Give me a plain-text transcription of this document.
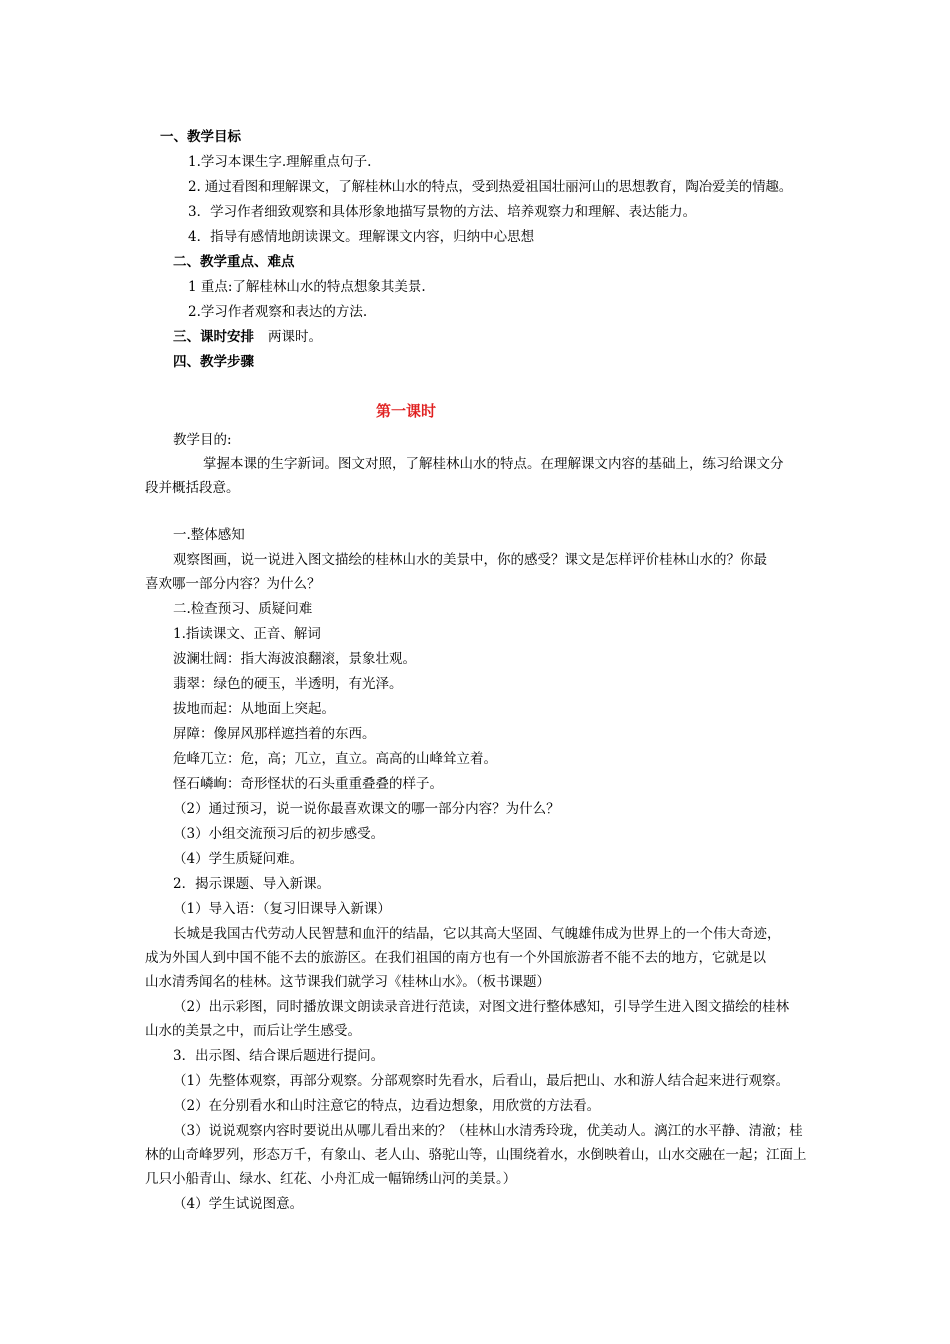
一、教学目标
1.学习本课生字.理解重点句子.
2. 通过看图和理解课文，了解桂林山水的特点，受到热爱祖国壮丽河山的思想教育，陶冶爱美的情趣。
3．学习作者细致观察和具体形象地描写景物的方法、培养观察力和理解、表达能力。
4．指导有感情地朗读课文。理解课文内容，归纳中心思想
二、教学重点、难点
1 重点:了解桂林山水的特点想象其美景.
2.学习作者观察和表达的方法.
三、课时安排 两课时。
四、教学步骤
第一课时
教学目的:
掌握本课的生字新词。图文对照，了解桂林山水的特点。在理解课文内容的基础上，练习给课文分
段并概括段意。
一.整体感知
观察图画，说一说进入图文描绘的桂林山水的美景中，你的感受？课文是怎样评价桂林山水的？你最
喜欢哪一部分内容？为什么？
二.检查预习、质疑问难
1.指读课文、正音、解词
波澜壮阔：指大海波浪翻滚，景象壮观。
翡翠：绿色的硬玉，半透明，有光泽。
拔地而起：从地面上突起。
屏障：像屏风那样遮挡着的东西。
危峰兀立：危，高；兀立，直立。高高的山峰耸立着。
怪石嶙峋：奇形怪状的石头重重叠叠的样子。
（2）通过预习，说一说你最喜欢课文的哪一部分内容？为什么？
（3）小组交流预习后的初步感受。
（4）学生质疑问难。
2．揭示课题、导入新课。
（1）导入语：（复习旧课导入新课）
长城是我国古代劳动人民智慧和血汗的结晶，它以其高大坚固、气魄雄伟成为世界上的一个伟大奇迹，
成为外国人到中国不能不去的旅游区。在我们祖国的南方也有一个外国旅游者不能不去的地方，它就是以
山水清秀闻名的桂林。这节课我们就学习《桂林山水》。（板书课题）
（2）出示彩图，同时播放课文朗读录音进行范读，对图文进行整体感知，引导学生进入图文描绘的桂林
山水的美景之中，而后让学生感受。
3．出示图、结合课后题进行提问。
（1）先整体观察，再部分观察。分部观察时先看水，后看山，最后把山、水和游人结合起来进行观察。
（2）在分别看水和山时注意它的特点，边看边想象，用欣赏的方法看。
（3）说说观察内容时要说出从哪儿看出来的？（桂林山水清秀玲珑，优美动人。漓江的水平静、清澈；桂
林的山奇峰罗列，形态万千，有象山、老人山、骆驼山等，山围绕着水，水倒映着山，山水交融在一起；江面上
几只小船青山、绿水、红花、小舟汇成一幅锦绣山河的美景。）
（4）学生试说图意。
